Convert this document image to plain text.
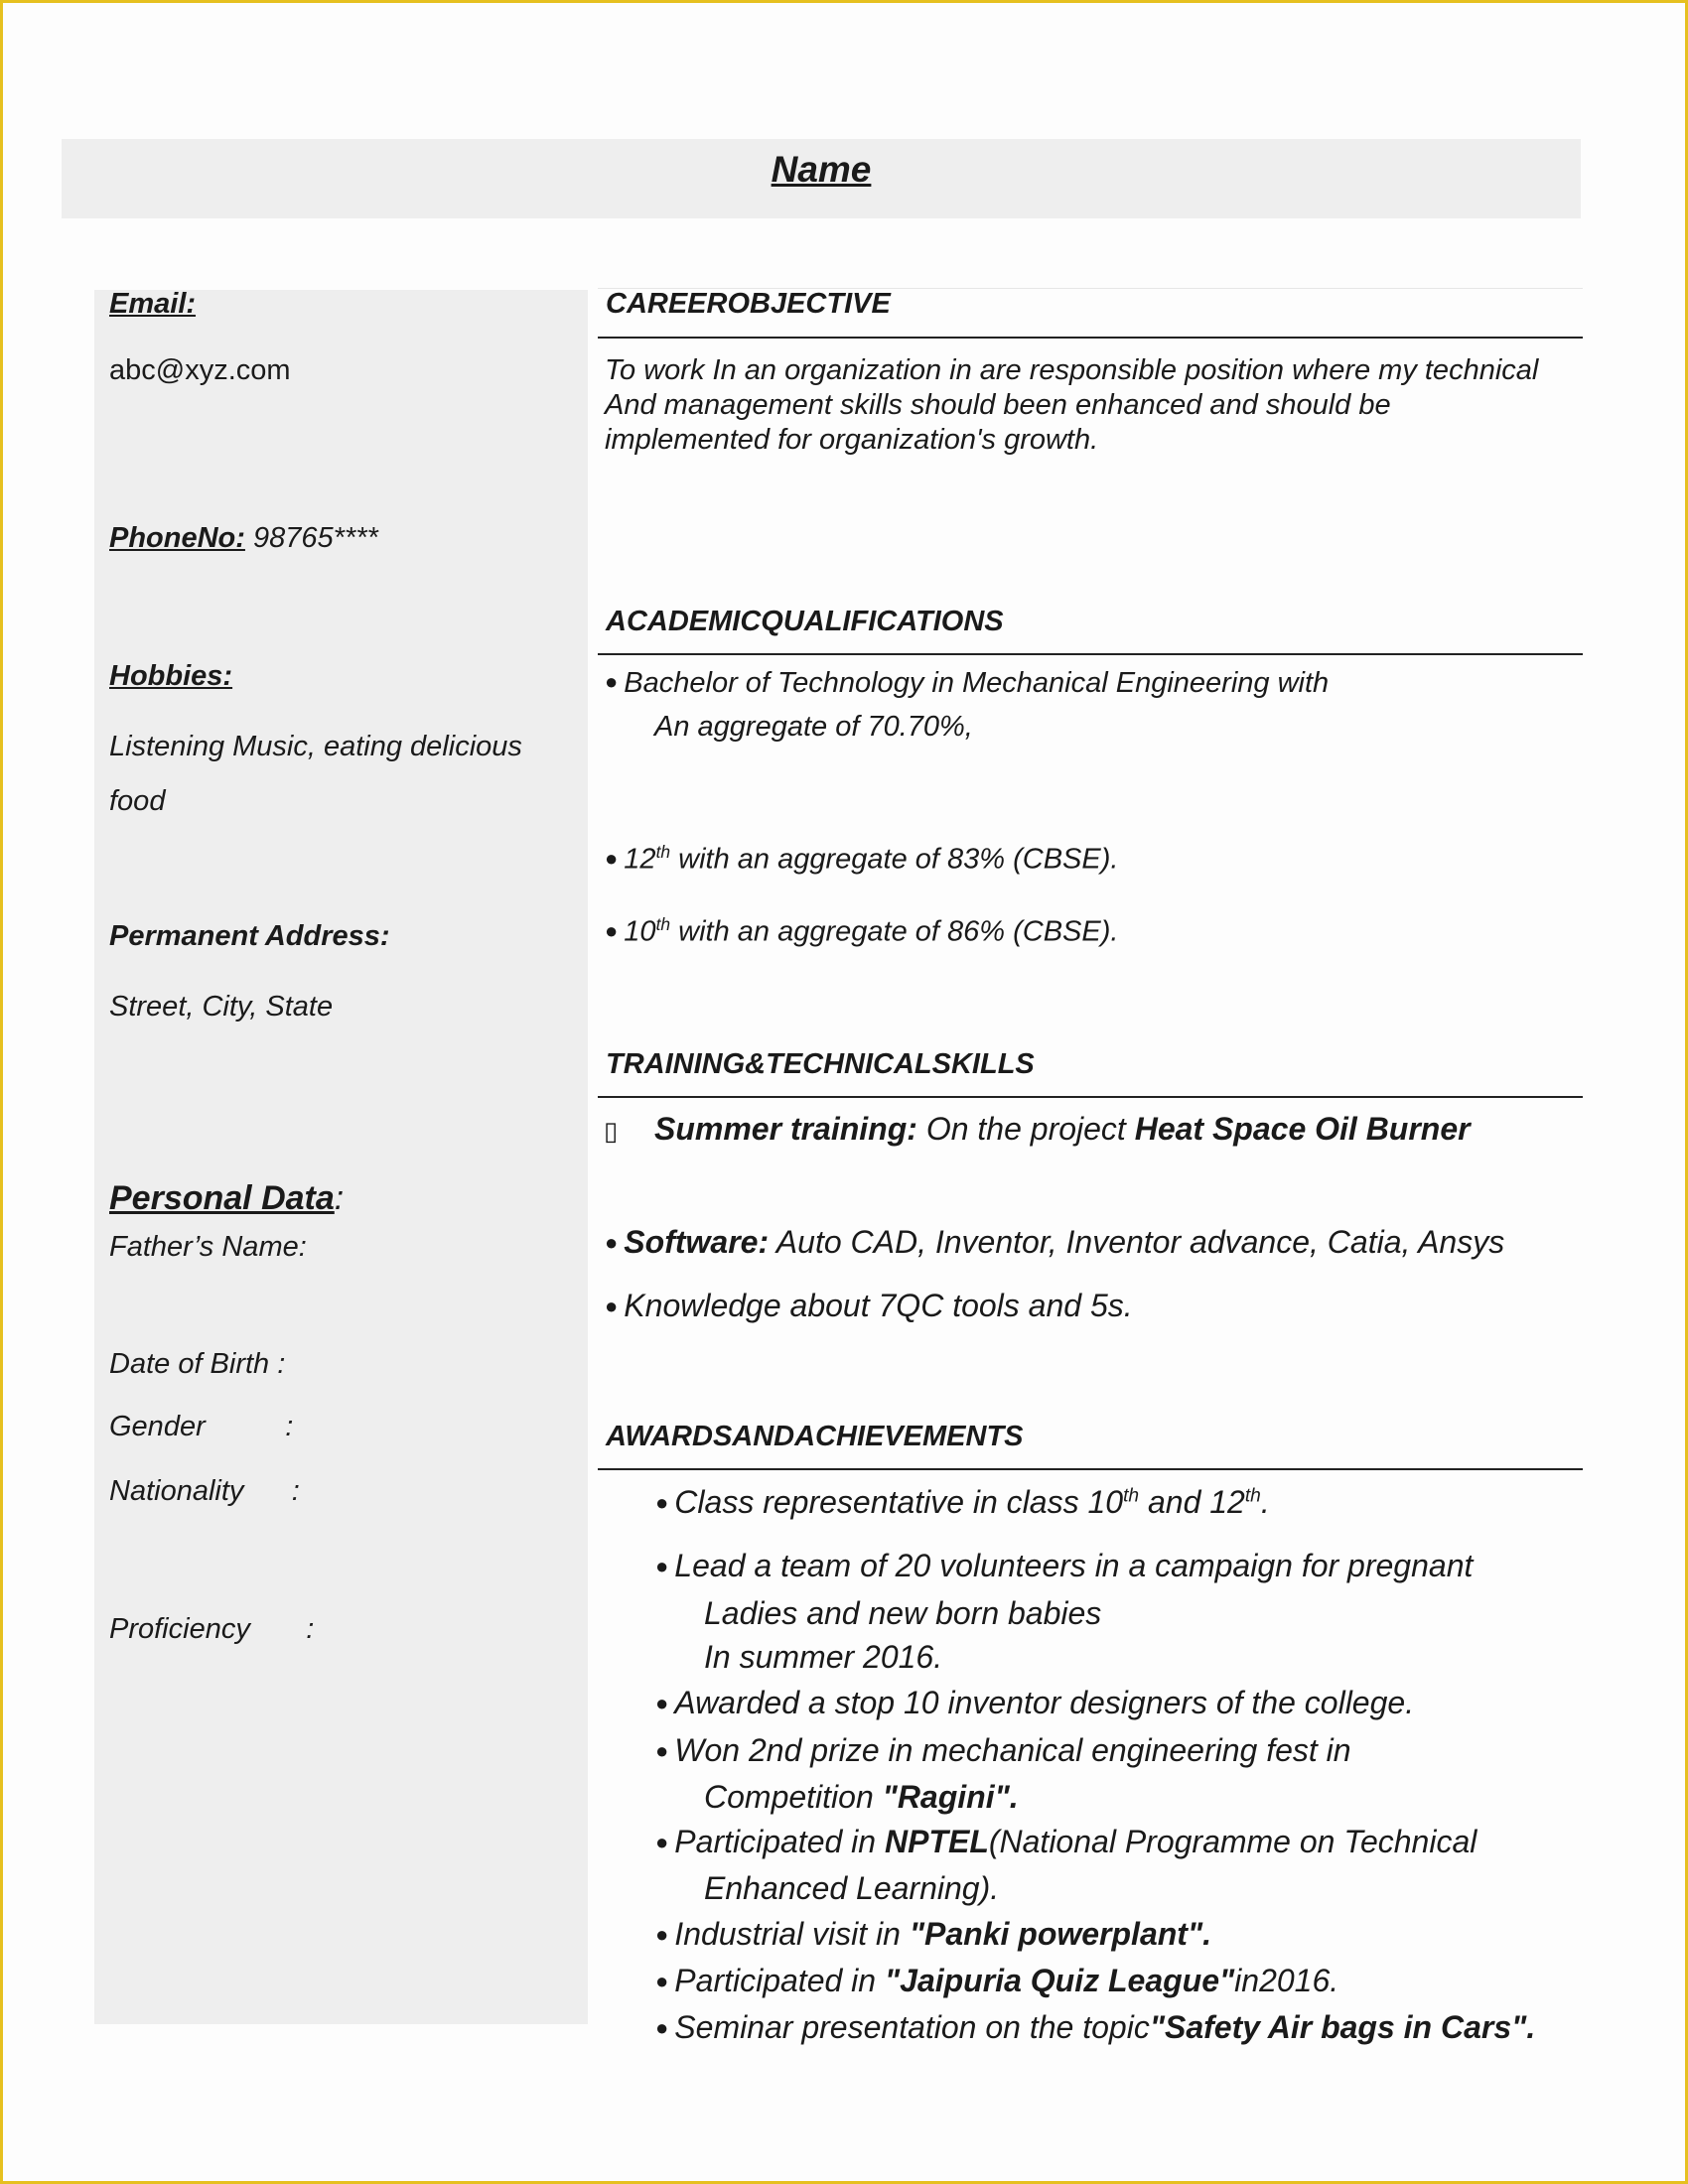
Name
Email:
abc@xyz.com
PhoneNo: 98765****
Hobbies:
Listening Music, eating delicious
food
Permanent Address:
Street, City, State
Personal Data:
Father’s Name:
Date of Birth :
Gender          :
Nationality      :
Proficiency       :
CAREEROBJECTIVE
To work In an organization in are responsible position where my technical
And management skills should been enhanced and should be
implemented for organization's growth.
ACADEMICQUALIFICATIONS
● Bachelor of Technology in Mechanical Engineering with
An aggregate of 70.70%,
● 12th with an aggregate of 83% (CBSE).
● 10th with an aggregate of 86% (CBSE).
TRAINING&TECHNICALSKILLS
▯ Summer training: On the project Heat Space Oil Burner
● Software: Auto CAD, Inventor, Inventor advance, Catia, Ansys
● Knowledge about 7QC tools and 5s.
AWARDSANDACHIEVEMENTS
● Class representative in class 10th and 12th.
● Lead a team of 20 volunteers in a campaign for pregnant
Ladies and new born babies
In summer 2016.
● Awarded a stop 10 inventor designers of the college.
● Won 2nd prize in mechanical engineering fest in
Competition "Ragini".
● Participated in NPTEL(National Programme on Technical
Enhanced Learning).
● Industrial visit in "Panki powerplant".
● Participated in "Jaipuria Quiz League"in2016.
● Seminar presentation on the topic"Safety Air bags in Cars".
